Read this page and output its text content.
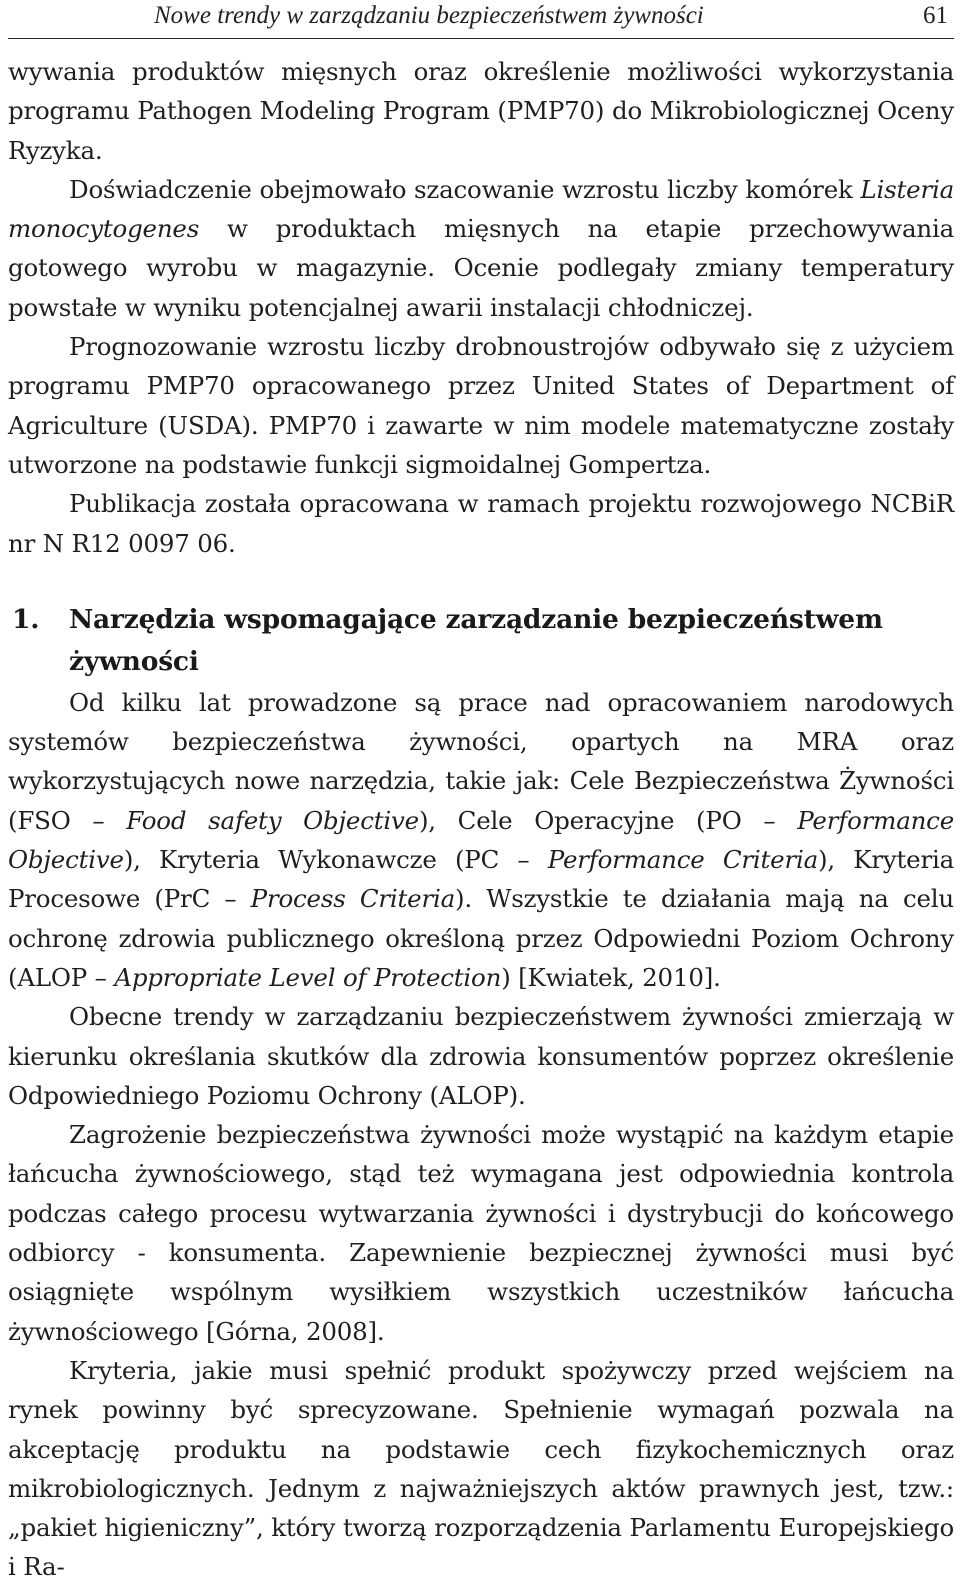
Nowe trendy w zarządzaniu bezpieczeństwem żywności	61

wywania produktów mięsnych oraz określenie możliwości wykorzystania programu Pathogen Modeling Program (PMP70) do Mikrobiologicznej Oceny Ryzyka.

Doświadczenie obejmowało szacowanie wzrostu liczby komórek Listeria monocytogenes w produktach mięsnych na etapie przechowywania gotowego wyrobu w magazynie. Ocenie podlegały zmiany temperatury powstałe w wyniku potencjalnej awarii instalacji chłodniczej.

Prognozowanie wzrostu liczby drobnoustrojów odbywało się z użyciem programu PMP70 opracowanego przez United States of Department of Agriculture (USDA). PMP70 i zawarte w nim modele matematyczne zostały utworzone na podstawie funkcji sigmoidalnej Gompertza.

Publikacja została opracowana w ramach projektu rozwojowego NCBiR nr N R12 0097 06.

1.	Narzędzia wspomagające zarządzanie bezpieczeństwem żywności

Od kilku lat prowadzone są prace nad opracowaniem narodowych systemów bezpieczeństwa żywności, opartych na MRA oraz wykorzystujących nowe narzędzia, takie jak: Cele Bezpieczeństwa Żywności (FSO – Food safety Objective), Cele Operacyjne (PO – Performance Objective), Kryteria Wykonawcze (PC – Performance Criteria), Kryteria Procesowe (PrC – Process Criteria). Wszystkie te działania mają na celu ochronę zdrowia publicznego określoną przez Odpowiedni Poziom Ochrony (ALOP – Appropriate Level of Protection) [Kwiatek, 2010].

Obecne trendy w zarządzaniu bezpieczeństwem żywności zmierzają w kierunku określania skutków dla zdrowia konsumentów poprzez określenie Odpowiedniego Poziomu Ochrony (ALOP).

Zagrożenie bezpieczeństwa żywności może wystąpić na każdym etapie łańcucha żywnościowego, stąd też wymagana jest odpowiednia kontrola podczas całego procesu wytwarzania żywności i dystrybucji do końcowego odbiorcy - konsumenta. Zapewnienie bezpiecznej żywności musi być osiągnięte wspólnym wysiłkiem wszystkich uczestników łańcucha żywnościowego [Górna, 2008].

Kryteria, jakie musi spełnić produkt spożywczy przed wejściem na rynek powinny być sprecyzowane. Spełnienie wymagań pozwala na akceptację produktu na podstawie cech fizykochemicznych oraz mikrobiologicznych. Jednym z najważniejszych aktów prawnych jest, tzw.: „pakiet higieniczny”, który tworzą rozporządzenia Parlamentu Europejskiego i Ra-
